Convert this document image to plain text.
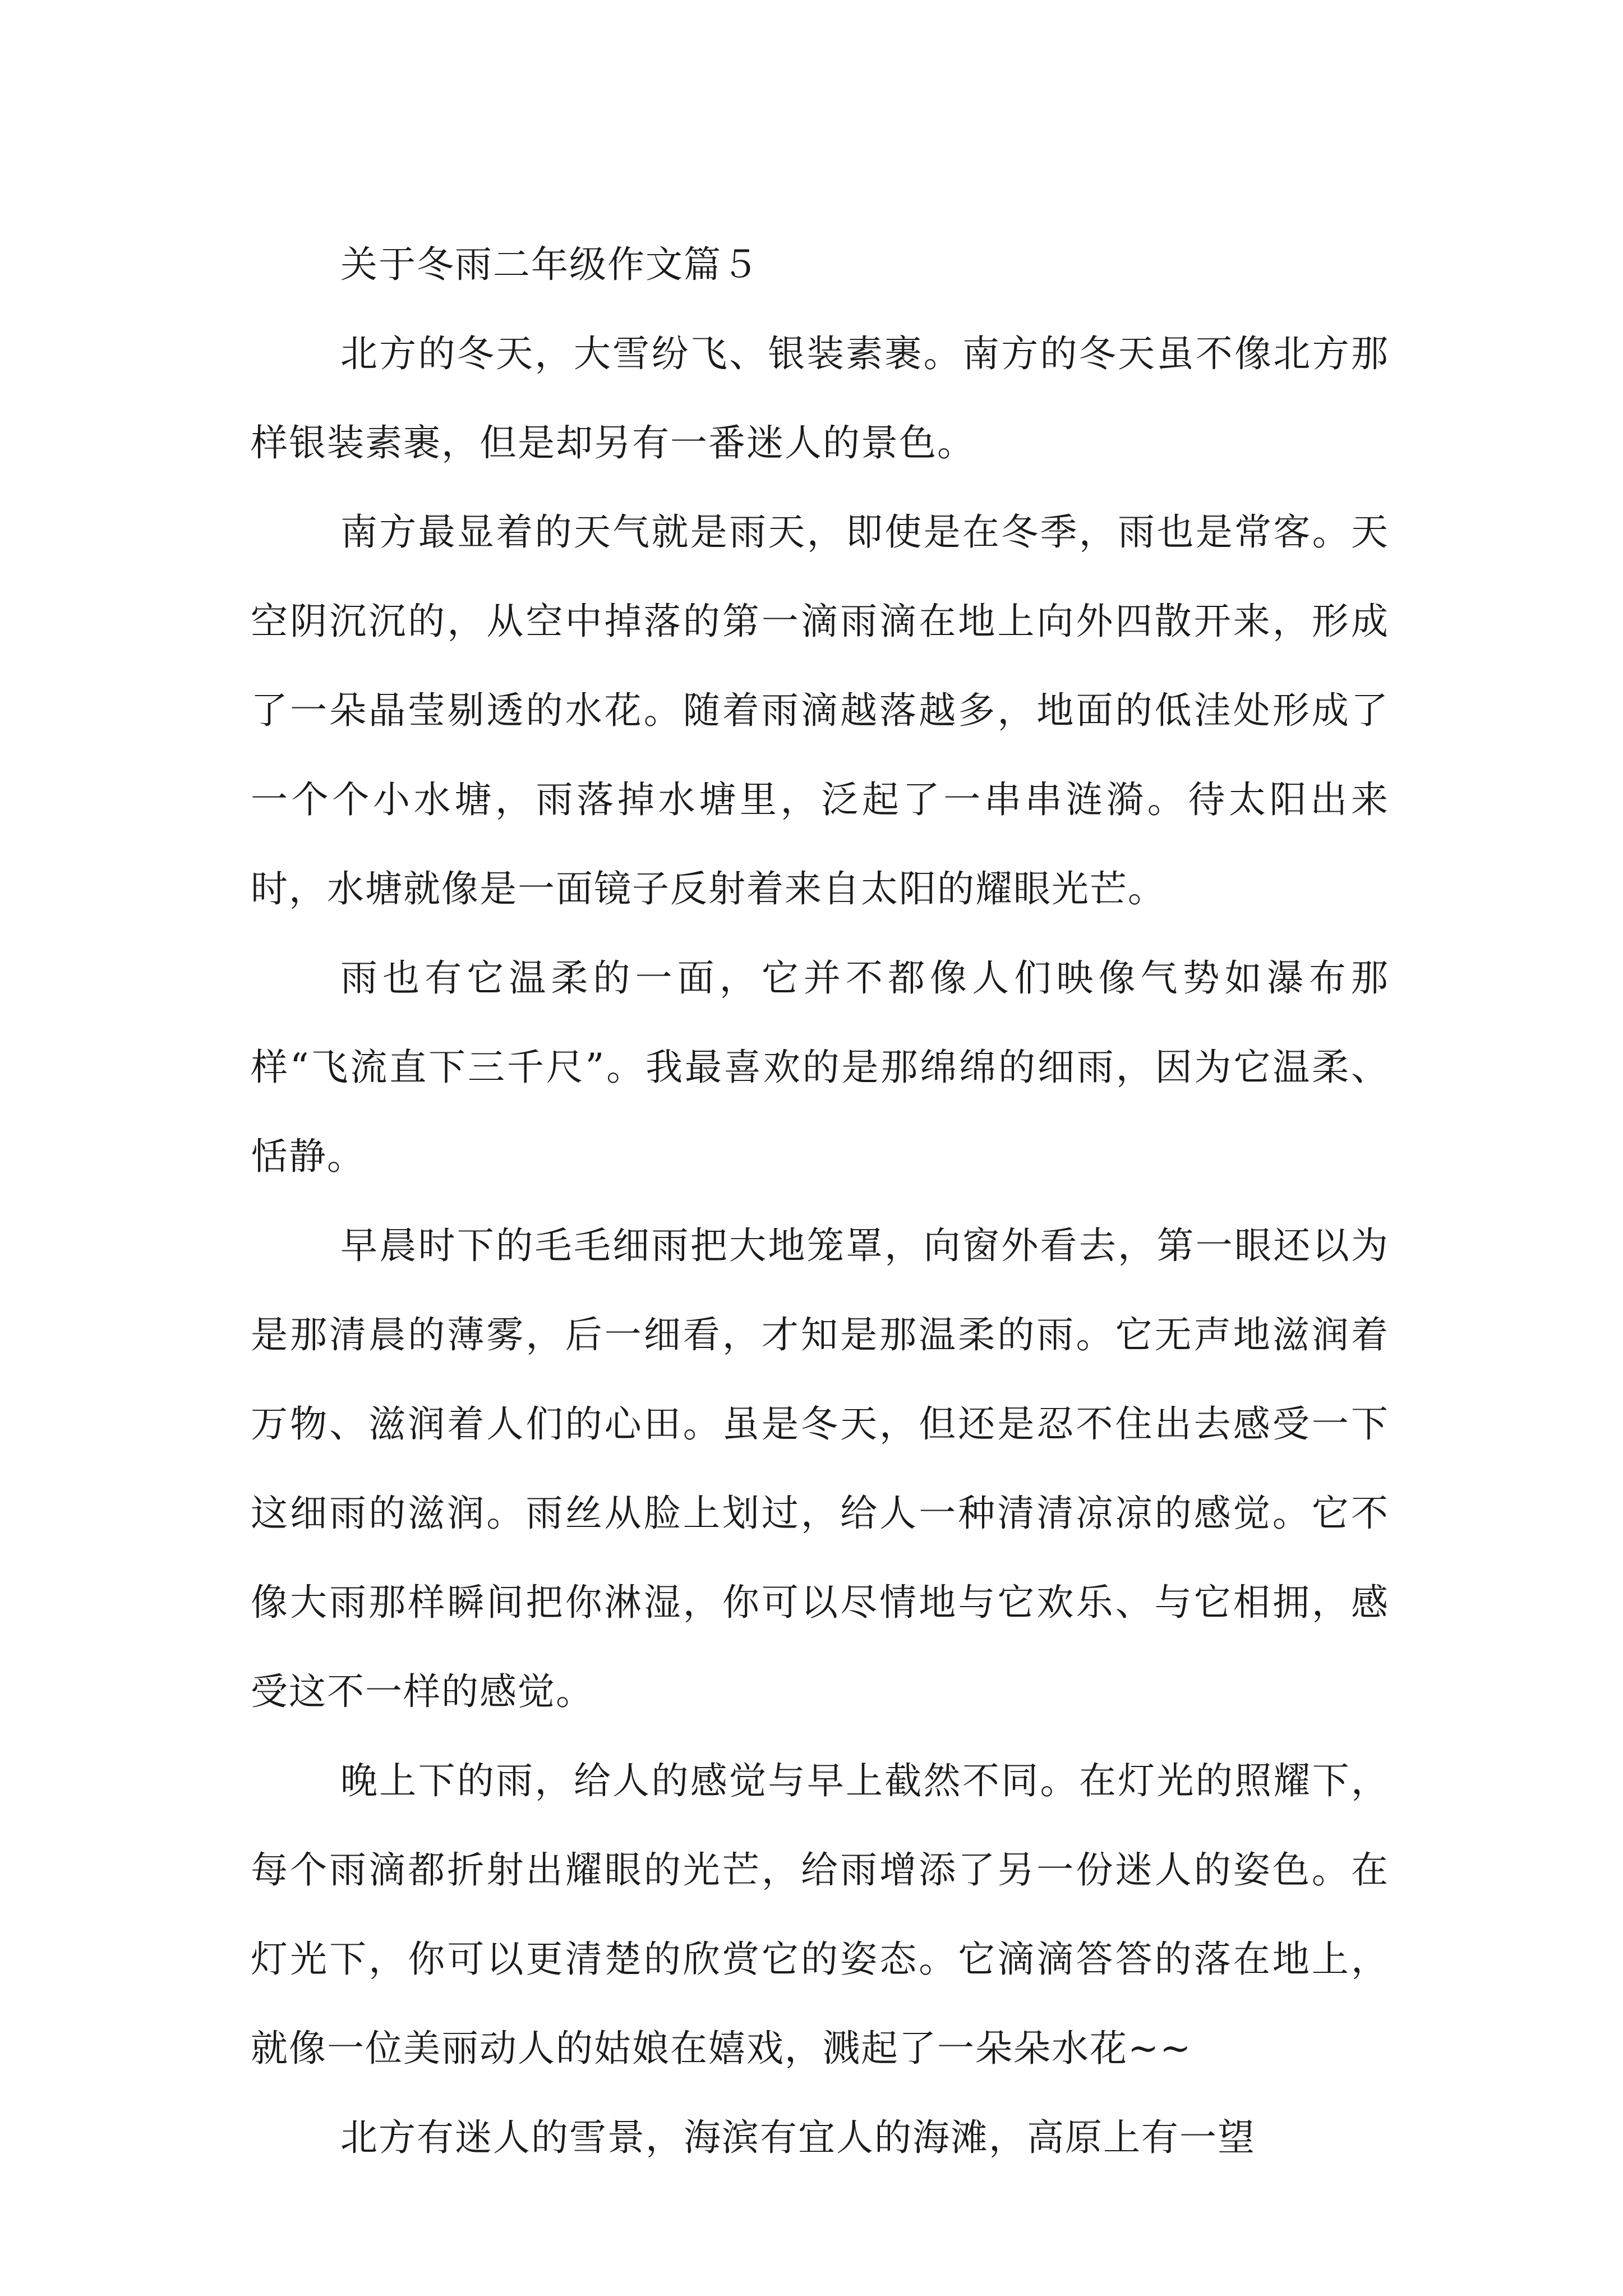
关于冬雨二年级作文篇５

北方的冬天，大雪纷飞、银装素裹。南方的冬天虽不像北方那样银装素裹，但是却另有一番迷人的景色。

南方最显着的天气就是雨天，即使是在冬季，雨也是常客。天空阴沉沉的，从空中掉落的第一滴雨滴在地上向外四散开来，形成了一朵晶莹剔透的水花。随着雨滴越落越多，地面的低洼处形成了一个个小水塘，雨落掉水塘里，泛起了一串串涟漪。待太阳出来时，水塘就像是一面镜子反射着来自太阳的耀眼光芒。

雨也有它温柔的一面，它并不都像人们映像气势如瀑布那样“飞流直下三千尺”。我最喜欢的是那绵绵的细雨，因为它温柔、恬静。

早晨时下的毛毛细雨把大地笼罩，向窗外看去，第一眼还以为是那清晨的薄雾，后一细看，才知是那温柔的雨。它无声地滋润着万物、滋润着人们的心田。虽是冬天，但还是忍不住出去感受一下这细雨的滋润。雨丝从脸上划过，给人一种清清凉凉的感觉。它不像大雨那样瞬间把你淋湿，你可以尽情地与它欢乐、与它相拥，感受这不一样的感觉。

晚上下的雨，给人的感觉与早上截然不同。在灯光的照耀下，每个雨滴都折射出耀眼的光芒，给雨增添了另一份迷人的姿色。在灯光下，你可以更清楚的欣赏它的姿态。它滴滴答答的落在地上，就像一位美丽动人的姑娘在嬉戏，溅起了一朵朵水花~~

北方有迷人的雪景，海滨有宜人的海滩，高原上有一望
